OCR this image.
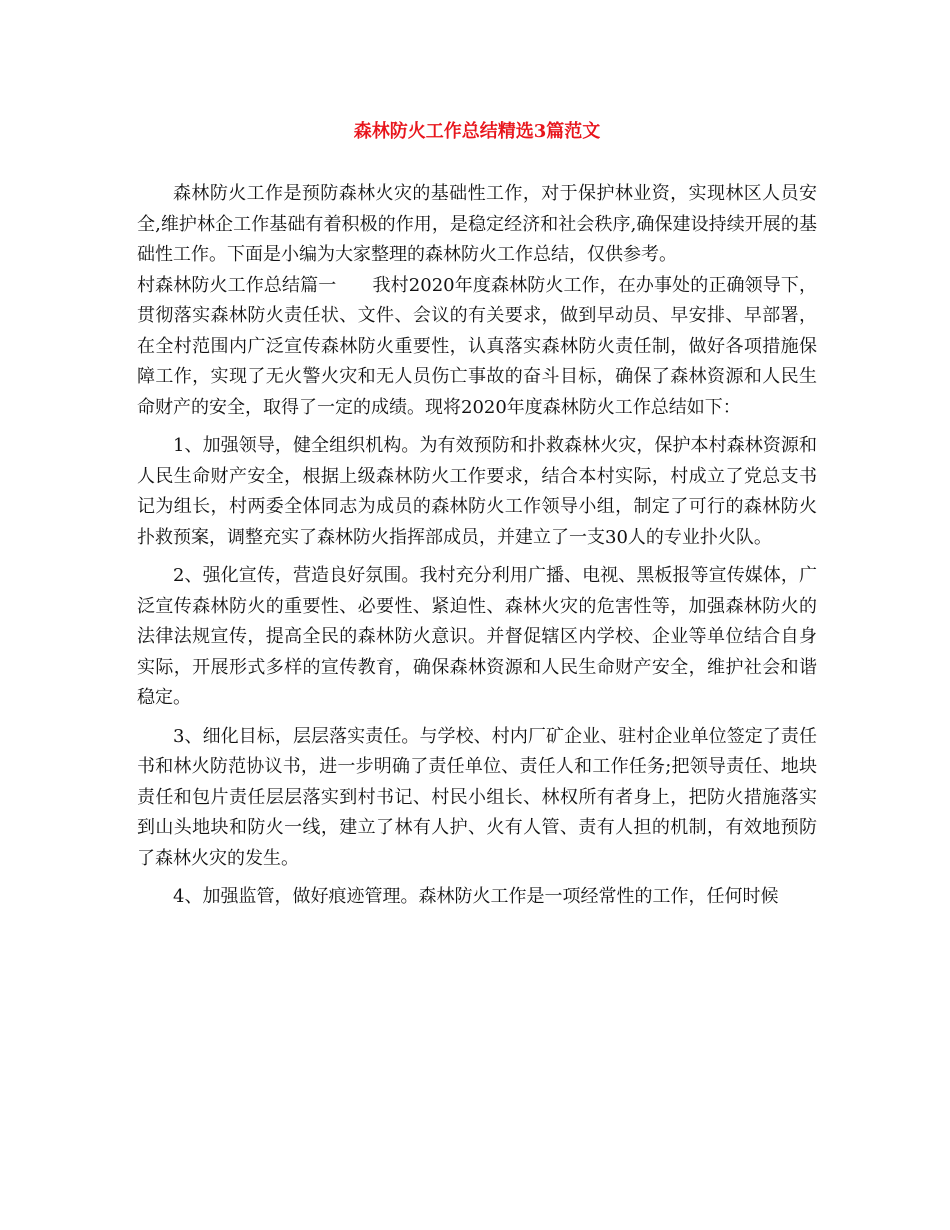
森林防火工作总结精选3篇范文

森林防火工作是预防森林火灾的基础性工作，对于保护林业资，实现林区人员安全,维护林企工作基础有着积极的作用，是稳定经济和社会秩序,确保建设持续开展的基础性工作。下面是小编为大家整理的森林防火工作总结，仅供参考。

村森林防火工作总结篇一　　我村2020年度森林防火工作，在办事处的正确领导下，贯彻落实森林防火责任状、文件、会议的有关要求，做到早动员、早安排、早部署，在全村范围内广泛宣传森林防火重要性，认真落实森林防火责任制，做好各项措施保障工作，实现了无火警火灾和无人员伤亡事故的奋斗目标，确保了森林资源和人民生命财产的安全，取得了一定的成绩。现将2020年度森林防火工作总结如下：

1、加强领导，健全组织机构。为有效预防和扑救森林火灾，保护本村森林资源和人民生命财产安全，根据上级森林防火工作要求，结合本村实际，村成立了党总支书记为组长，村两委全体同志为成员的森林防火工作领导小组，制定了可行的森林防火扑救预案，调整充实了森林防火指挥部成员，并建立了一支30人的专业扑火队。

2、强化宣传，营造良好氛围。我村充分利用广播、电视、黑板报等宣传媒体，广泛宣传森林防火的重要性、必要性、紧迫性、森林火灾的危害性等，加强森林防火的法律法规宣传，提高全民的森林防火意识。并督促辖区内学校、企业等单位结合自身实际，开展形式多样的宣传教育，确保森林资源和人民生命财产安全，维护社会和谐稳定。

3、细化目标，层层落实责任。与学校、村内厂矿企业、驻村企业单位签定了责任书和林火防范协议书，进一步明确了责任单位、责任人和工作任务;把领导责任、地块责任和包片责任层层落实到村书记、村民小组长、林权所有者身上，把防火措施落实到山头地块和防火一线，建立了林有人护、火有人管、责有人担的机制，有效地预防了森林火灾的发生。

4、加强监管，做好痕迹管理。森林防火工作是一项经常性的工作，任何时候
